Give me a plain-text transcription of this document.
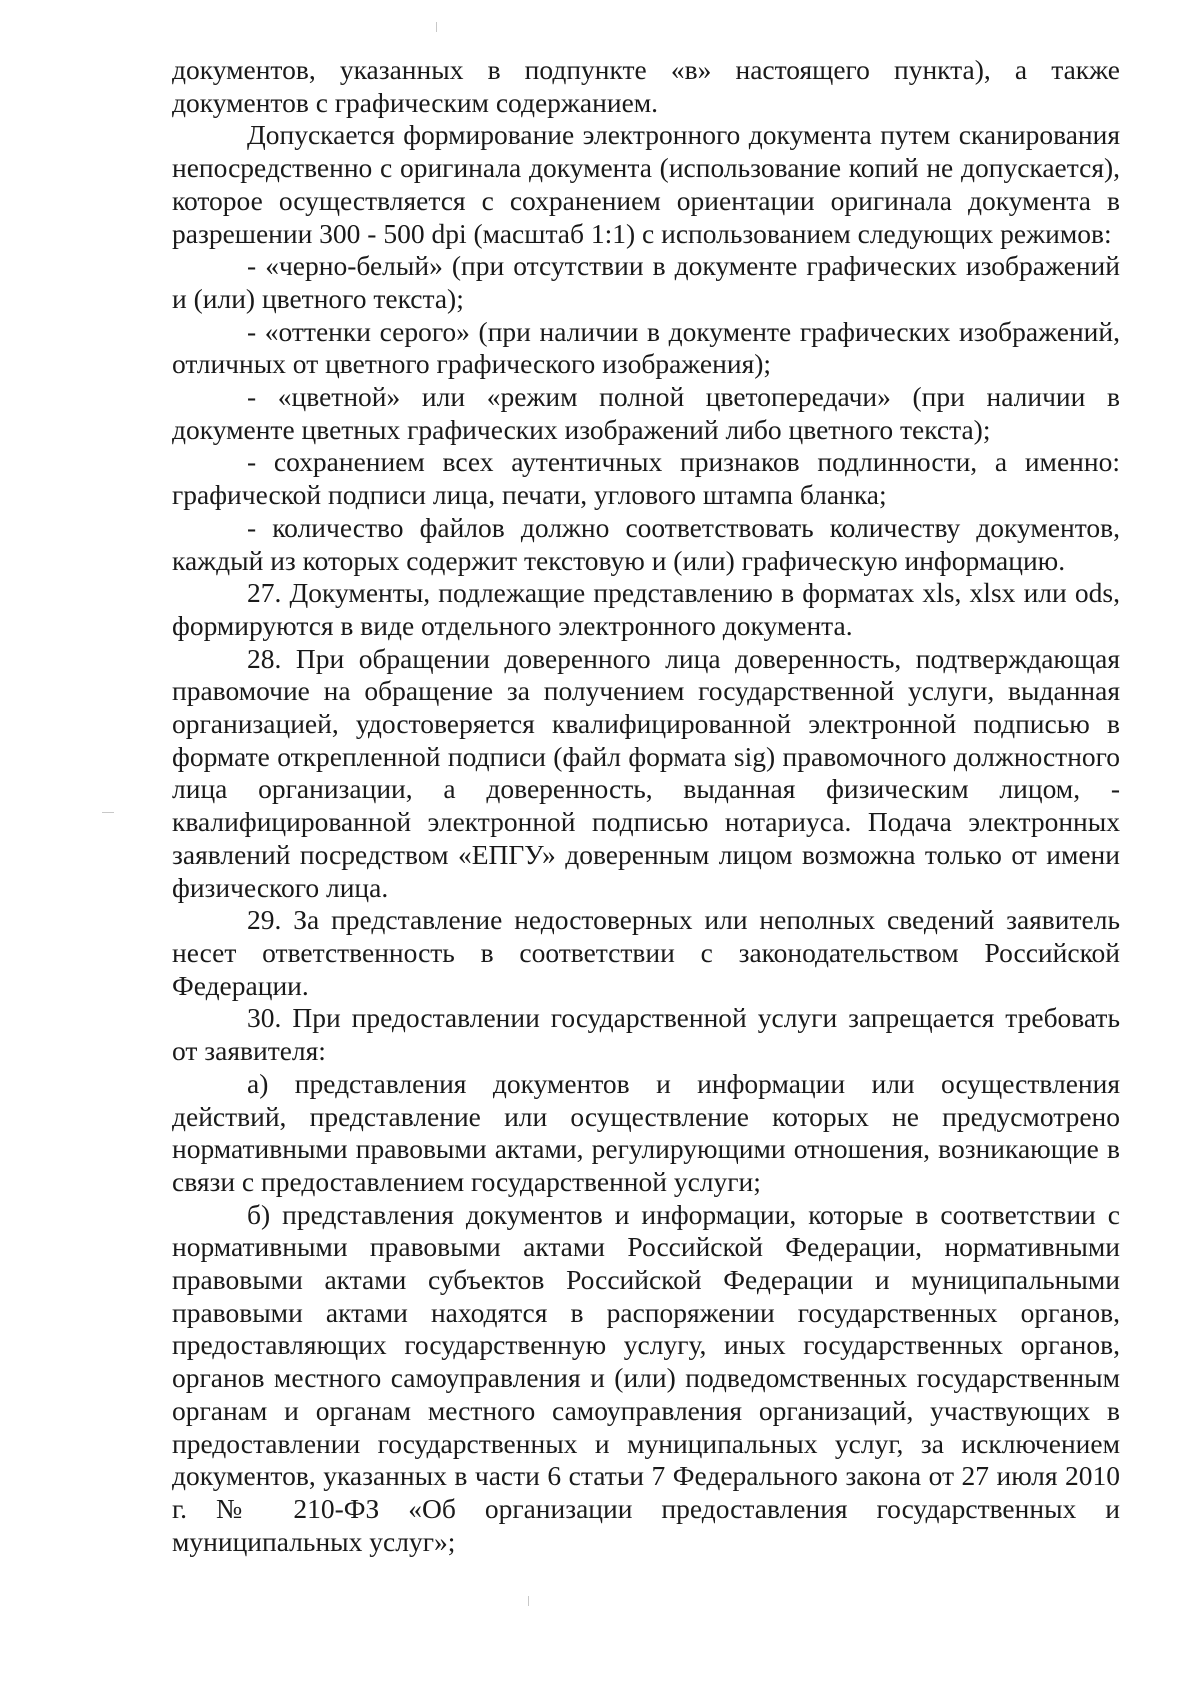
документов, указанных в подпункте «в» настоящего пункта), а также документов с графическим содержанием.

Допускается формирование электронного документа путем сканирования непосредственно с оригинала документа (использование копий не допускается), которое осуществляется с сохранением ориентации оригинала документа в разрешении 300 - 500 dpi (масштаб 1:1) с использованием следующих режимов:

- «черно-белый» (при отсутствии в документе графических изображений и (или) цветного текста);

- «оттенки серого» (при наличии в документе графических изображений, отличных от цветного графического изображения);

- «цветной» или «режим полной цветопередачи» (при наличии в документе цветных графических изображений либо цветного текста);

- сохранением всех аутентичных признаков подлинности, а именно: графической подписи лица, печати, углового штампа бланка;

- количество файлов должно соответствовать количеству документов, каждый из которых содержит текстовую и (или) графическую информацию.

27. Документы, подлежащие представлению в форматах xls, xlsx или ods, формируются в виде отдельного электронного документа.

28. При обращении доверенного лица доверенность, подтверждающая правомочие на обращение за получением государственной услуги, выданная организацией, удостоверяется квалифицированной электронной подписью в формате открепленной подписи (файл формата sig) правомочного должностного лица организации, а доверенность, выданная физическим лицом, - квалифицированной электронной подписью нотариуса. Подача электронных заявлений посредством «ЕПГУ» доверенным лицом возможна только от имени физического лица.

29. За представление недостоверных или неполных сведений заявитель несет ответственность в соответствии с законодательством Российской Федерации.

30. При предоставлении государственной услуги запрещается требовать от заявителя:

а) представления документов и информации или осуществления действий, представление или осуществление которых не предусмотрено нормативными правовыми актами, регулирующими отношения, возникающие в связи с предоставлением государственной услуги;

б) представления документов и информации, которые в соответствии с нормативными правовыми актами Российской Федерации, нормативными правовыми актами субъектов Российской Федерации и муниципальными правовыми актами находятся в распоряжении государственных органов, предоставляющих государственную услугу, иных государственных органов, органов местного самоуправления и (или) подведомственных государственным органам и органам местного самоуправления организаций, участвующих в предоставлении государственных и муниципальных услуг, за исключением документов, указанных в части 6 статьи 7 Федерального закона от 27 июля 2010 г. № 210-ФЗ «Об организации предоставления государственных и муниципальных услуг»;
